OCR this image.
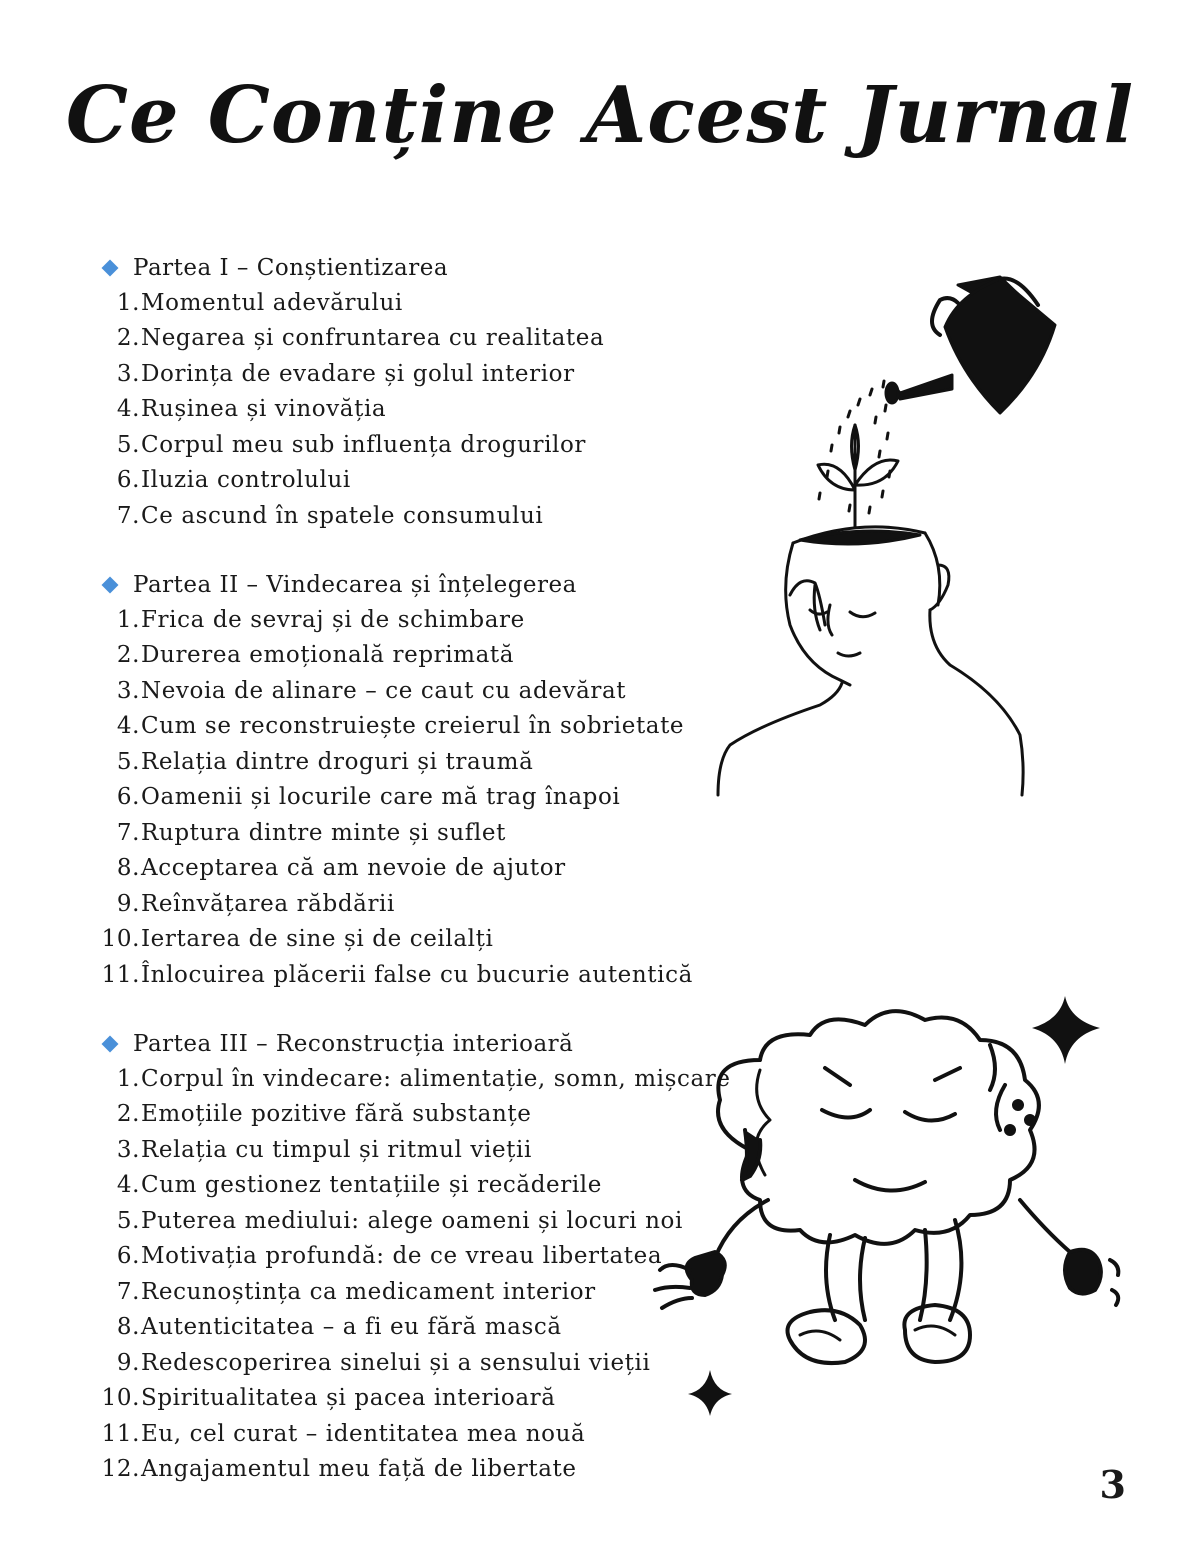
Ce Conține Acest Jurnal
Partea I – Conștientizarea
1. Momentul adevărului
2. Negarea și confruntarea cu realitatea
3. Dorința de evadare și golul interior
4. Rușinea și vinovăția
5. Corpul meu sub influența drogurilor
6. Iluzia controlului
7. Ce ascund în spatele consumului
Partea II – Vindecarea și înțelegerea
1. Frica de sevraj și de schimbare
2. Durerea emoțională reprimată
3. Nevoia de alinare – ce caut cu adevărat
4. Cum se reconstruiește creierul în sobrietate
5. Relația dintre droguri și traumă
6. Oamenii și locurile care mă trag înapoi
7. Ruptura dintre minte și suflet
8. Acceptarea că am nevoie de ajutor
9. Reînvățarea răbdării
10. Iertarea de sine și de ceilalți
11. Înlocuirea plăcerii false cu bucurie autentică
Partea III – Reconstrucția interioară
1. Corpul în vindecare: alimentație, somn, mișcare
2. Emoțiile pozitive fără substanțe
3. Relația cu timpul și ritmul vieții
4. Cum gestionez tentațiile și recăderile
5. Puterea mediului: alege oameni și locuri noi
6. Motivația profundă: de ce vreau libertatea
7. Recunoștința ca medicament interior
8. Autenticitatea – a fi eu fără mască
9. Redescoperirea sinelui și a sensului vieții
10. Spiritualitatea și pacea interioară
11. Eu, cel curat – identitatea mea nouă
12. Angajamentul meu față de libertate	3
